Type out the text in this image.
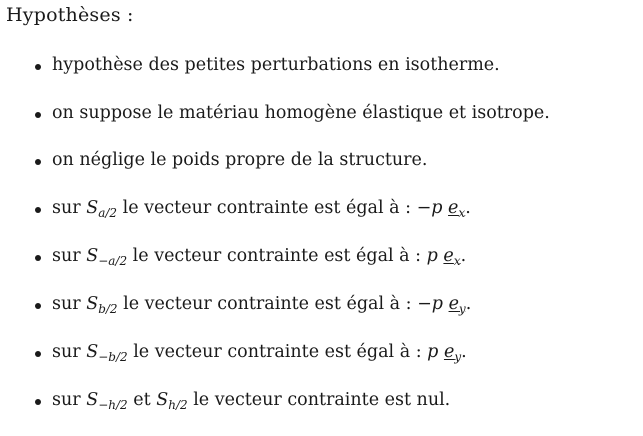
Hypothèses :
hypothèse des petites perturbations en isotherme.
on suppose le matériau homogène élastique et isotrope.
on néglige le poids propre de la structure.
sur $S_{a/2}$ le vecteur contrainte est égal à : −p $e_x$.
sur $S_{-a/2}$ le vecteur contrainte est égal à : p $e_x$.
sur $S_{b/2}$ le vecteur contrainte est égal à : −p $e_y$.
sur $S_{-b/2}$ le vecteur contrainte est égal à : p $e_y$.
sur $S_{-h/2}$ et $S_{h/2}$ le vecteur contrainte est nul.
